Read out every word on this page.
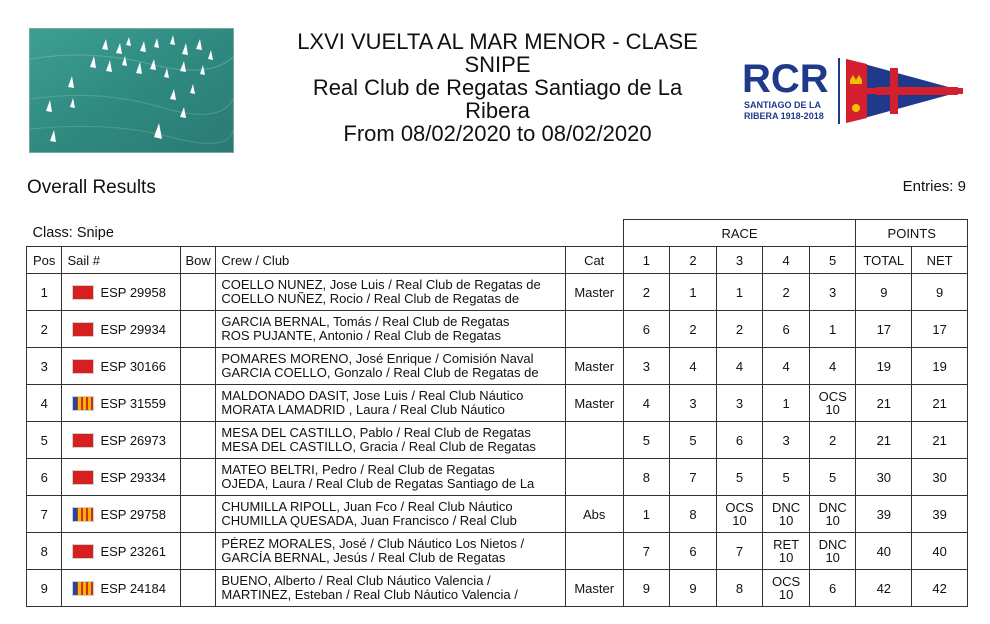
LXVI VUELTA AL MAR MENOR - CLASE
SNIPE
Real Club de Regatas Santiago de La
Ribera
From 08/02/2020 to 08/02/2020
RCR
SANTIAGO DE LA
RIBERA 1918-2018
Overall Results	Entries: 9
Class: Snipe					RACE					POINTS	
Pos	Sail #	Bow	Crew / Club	Cat	1	2	3	4	5	TOTAL	NET
1	ESP 29958		COELLO NUNEZ, Jose Luis / Real Club de Regatas de
COELLO NUÑEZ, Rocio / Real Club de Regatas de	Master	2	1	1	2	3	9	9
2	ESP 29934		GARCIA BERNAL, Tomás / Real Club de Regatas
ROS PUJANTE, Antonio / Real Club de Regatas		6	2	2	6	1	17	17
3	ESP 30166		POMARES MORENO, José Enrique / Comisión Naval
GARCIA COELLO, Gonzalo / Real Club de Regatas de	Master	3	4	4	4	4	19	19
4	ESP 31559		MALDONADO DASIT, Jose Luis / Real Club Náutico
MORATA LAMADRID , Laura / Real Club Náutico	Master	4	3	3	1	OCS
10	21	21
5	ESP 26973		MESA DEL CASTILLO, Pablo / Real Club de Regatas
MESA DEL CASTILLO, Gracia / Real Club de Regatas		5	5	6	3	2	21	21
6	ESP 29334		MATEO BELTRI, Pedro / Real Club de Regatas
OJEDA, Laura / Real Club de Regatas Santiago de La		8	7	5	5	5	30	30
7	ESP 29758		CHUMILLA RIPOLL, Juan Fco / Real Club Náutico
CHUMILLA QUESADA, Juan Francisco / Real Club	Abs	1	8	OCS
10	DNC
10	DNC
10	39	39
8	ESP 23261		PÉREZ MORALES, José / Club Náutico Los Nietos /
GARCÍA BERNAL, Jesús / Real Club de Regatas		7	6	7	RET
10	DNC
10	40	40
9	ESP 24184		BUENO, Alberto / Real Club Náutico Valencia /
MARTINEZ, Esteban / Real Club Náutico Valencia /	Master	9	9	8	OCS
10	6	42	42
